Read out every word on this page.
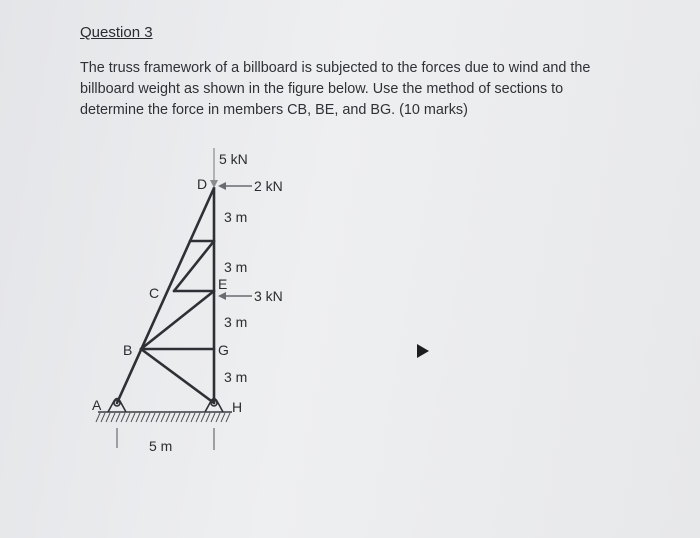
Question 3
The truss framework of a billboard is subjected to the forces due to wind and the
billboard weight as shown in the figure below. Use the method of sections to
determine the force in members CB, BE, and BG. (10 marks)
5 kN
2 kN
3 kN
D
C
E
B	G
A	H
3 m
3 m
3 m
3 m
5 m
